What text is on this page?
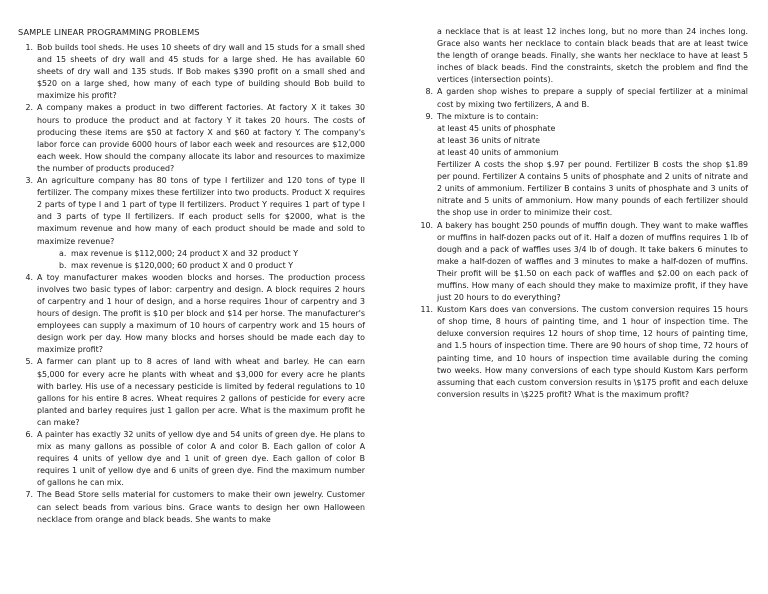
SAMPLE LINEAR PROGRAMMING PROBLEMS
1. Bob builds tool sheds. He uses 10 sheets of dry wall and 15 studs for a small shed and 15 sheets of dry wall and 45 studs for a large shed. He has available 60 sheets of dry wall and 135 studs. If Bob makes $390 profit on a small shed and $520 on a large shed, how many of each type of building should Bob build to maximize his profit?
2. A company makes a product in two different factories. At factory X it takes 30 hours to produce the product and at factory Y it takes 20 hours. The costs of producing these items are $50 at factory X and $60 at factory Y. The company's labor force can provide 6000 hours of labor each week and resources are $12,000 each week. How should the company allocate its labor and resources to maximize the number of products produced?
3. An agriculture company has 80 tons of type I fertilizer and 120 tons of type II fertilizer. The company mixes these fertilizer into two products. Product X requires 2 parts of type I and 1 part of type II fertilizers. Product Y requires 1 part of type I and 3 parts of type II fertilizers. If each product sells for $2000, what is the maximum revenue and how many of each product should be made and sold to maximize revenue?
a. max revenue is $112,000; 24 product X and 32 product Y
b. max revenue is $120,000; 60 product X and 0 product Y
4. A toy manufacturer makes wooden blocks and horses. The production process involves two basic types of labor: carpentry and design. A block requires 2 hours of carpentry and 1 hour of design, and a horse requires 1hour of carpentry and 3 hours of design. The profit is $10 per block and $14 per horse. The manufacturer's employees can supply a maximum of 10 hours of carpentry work and 15 hours of design work per day. How many blocks and horses should be made each day to maximize profit?
5. A farmer can plant up to 8 acres of land with wheat and barley. He can earn $5,000 for every acre he plants with wheat and $3,000 for every acre he plants with barley. His use of a necessary pesticide is limited by federal regulations to 10 gallons for his entire 8 acres. Wheat requires 2 gallons of pesticide for every acre planted and barley requires just 1 gallon per acre. What is the maximum profit he can make?
6. A painter has exactly 32 units of yellow dye and 54 units of green dye. He plans to mix as many gallons as possible of color A and color B. Each gallon of color A requires 4 units of yellow dye and 1 unit of green dye. Each gallon of color B requires 1 unit of yellow dye and 6 units of green dye. Find the maximum number of gallons he can mix.
7. The Bead Store sells material for customers to make their own jewelry. Customer can select beads from various bins. Grace wants to design her own Halloween necklace from orange and black beads. She wants to make
a necklace that is at least 12 inches long, but no more than 24 inches long. Grace also wants her necklace to contain black beads that are at least twice the length of orange beads. Finally, she wants her necklace to have at least 5 inches of black beads. Find the constraints, sketch the problem and find the vertices (intersection points).
8. A garden shop wishes to prepare a supply of special fertilizer at a minimal cost by mixing two fertilizers, A and B.
9. The mixture is to contain:
at least 45 units of phosphate
at least 36 units of nitrate
at least 40 units of ammonium
Fertilizer A costs the shop $.97 per pound. Fertilizer B costs the shop $1.89 per pound. Fertilizer A contains 5 units of phosphate and 2 units of nitrate and 2 units of ammonium. Fertilizer B contains 3 units of phosphate and 3 units of nitrate and 5 units of ammonium. How many pounds of each fertilizer should the shop use in order to minimize their cost.
10. A bakery has bought 250 pounds of muffin dough. They want to make waffles or muffins in half-dozen packs out of it. Half a dozen of muffins requires 1 lb of dough and a pack of waffles uses 3/4 lb of dough. It take bakers 6 minutes to make a half-dozen of waffles and 3 minutes to make a half-dozen of muffins. Their profit will be $1.50 on each pack of waffles and $2.00 on each pack of muffins. How many of each should they make to maximize profit, if they have just 20 hours to do everything?
11. Kustom Kars does van conversions. The custom conversion requires 15 hours of shop time, 8 hours of painting time, and 1 hour of inspection time. The deluxe conversion requires 12 hours of shop time, 12 hours of painting time, and 1.5 hours of inspection time. There are 90 hours of shop time, 72 hours of painting time, and 10 hours of inspection time available during the coming two weeks. How many conversions of each type should Kustom Kars perform assuming that each custom conversion results in \$175 profit and each deluxe conversion results in \$225 profit? What is the maximum profit?
